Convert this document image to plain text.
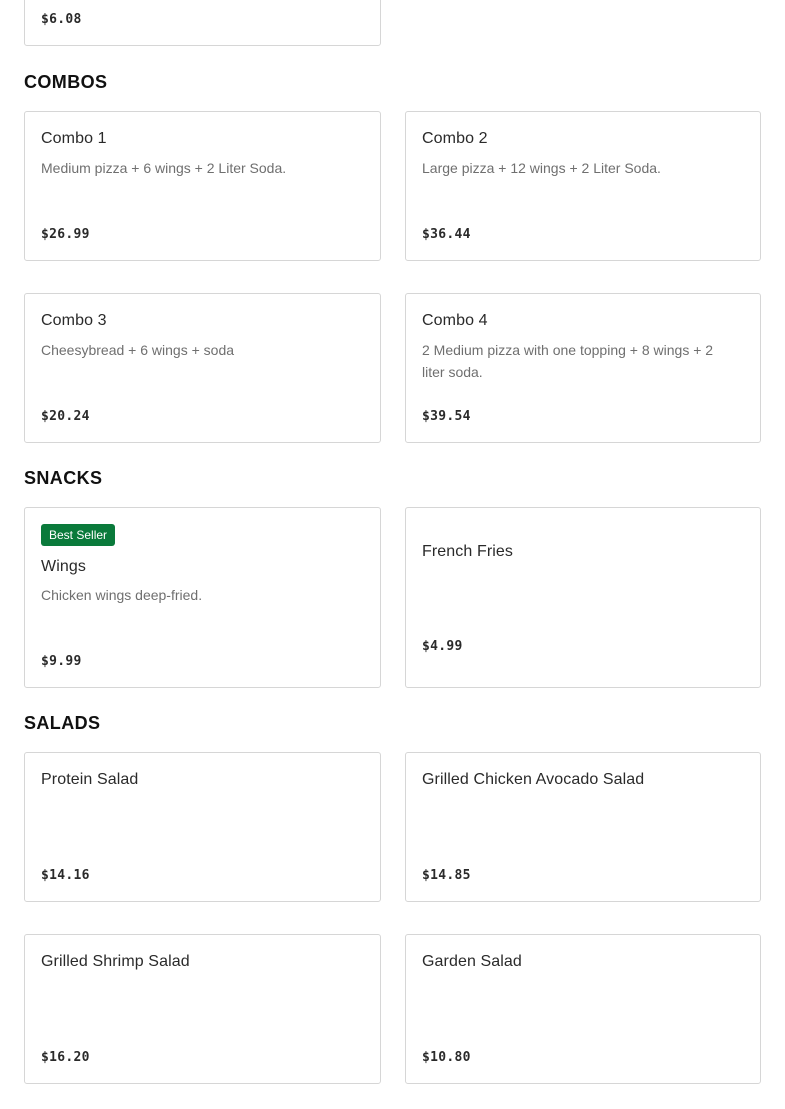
$6.08
COMBOS
Combo 1
Medium pizza + 6 wings + 2 Liter Soda.
$26.99
Combo 2
Large pizza + 12 wings + 2 Liter Soda.
$36.44
Combo 3
Cheesybread + 6 wings + soda
$20.24
Combo 4
2 Medium pizza with one topping + 8 wings + 2 liter soda.
$39.54
SNACKS
Best Seller
Wings
Chicken wings deep-fried.
$9.99
French Fries
$4.99
SALADS
Protein Salad
$14.16
Grilled Chicken Avocado Salad
$14.85
Grilled Shrimp Salad
$16.20
Garden Salad
$10.80
